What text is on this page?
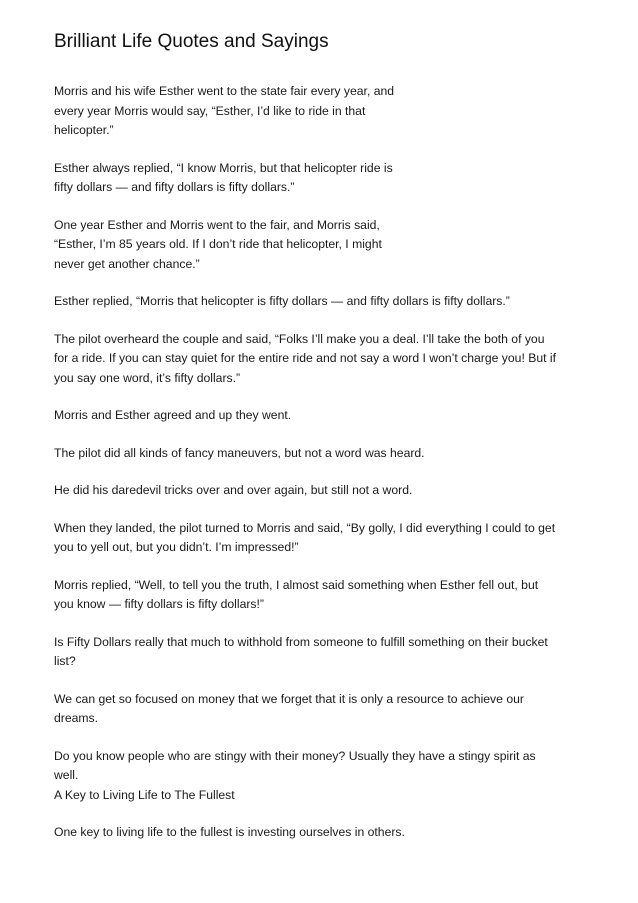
Brilliant Life Quotes and Sayings

Morris and his wife Esther went to the state fair every year, and
every year Morris would say, “Esther, I’d like to ride in that
helicopter.”

Esther always replied, “I know Morris, but that helicopter ride is
fifty dollars — and fifty dollars is fifty dollars.”

One year Esther and Morris went to the fair, and Morris said,
“Esther, I’m 85 years old. If I don’t ride that helicopter, I might
never get another chance.”

Esther replied, “Morris that helicopter is fifty dollars — and fifty dollars is fifty dollars.”

The pilot overheard the couple and said, “Folks I’ll make you a deal. I’ll take the both of you
for a ride. If you can stay quiet for the entire ride and not say a word I won’t charge you! But if
you say one word, it’s fifty dollars.”

Morris and Esther agreed and up they went.

The pilot did all kinds of fancy maneuvers, but not a word was heard.

He did his daredevil tricks over and over again, but still not a word.

When they landed, the pilot turned to Morris and said, “By golly, I did everything I could to get
you to yell out, but you didn’t. I’m impressed!”

Morris replied, “Well, to tell you the truth, I almost said something when Esther fell out, but
you know — fifty dollars is fifty dollars!”

Is Fifty Dollars really that much to withhold from someone to fulfill something on their bucket
list?

We can get so focused on money that we forget that it is only a resource to achieve our
dreams.

Do you know people who are stingy with their money? Usually they have a stingy spirit as
well.

A Key to Living Life to The Fullest

One key to living life to the fullest is investing ourselves in others.
